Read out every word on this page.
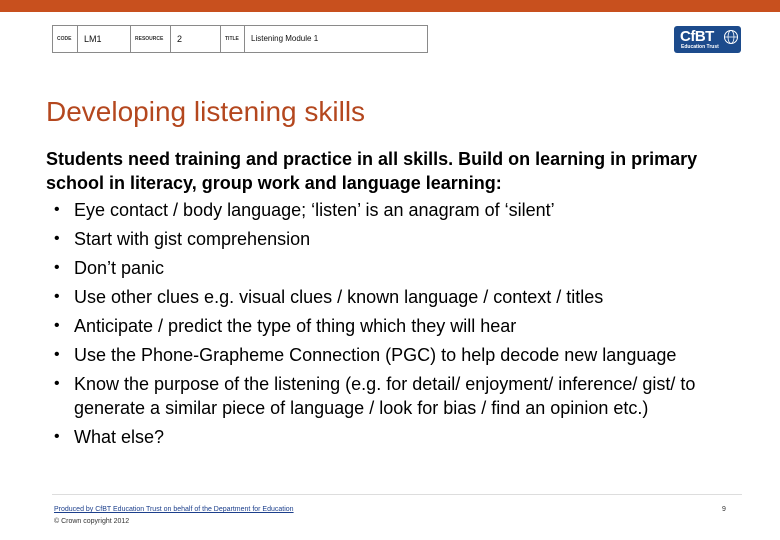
CODE	LM1	RESOURCE	2	TITLE	Listening Module 1	CfBT
Education Trust
Developing listening skills

Students need training and practice in all skills. Build on learning in primary school in literacy, group work and language learning:

• Eye contact / body language; ‘listen’ is an anagram of ‘silent’
• Start with gist comprehension
• Don’t panic
• Use other clues e.g. visual clues / known language / context / titles
• Anticipate / predict the type of thing which they will hear
• Use the Phone-Grapheme Connection (PGC) to help decode new language
• Know the purpose of the listening (e.g. for detail/ enjoyment/ inference/ gist/ to generate a similar piece of language / look for bias / find an opinion etc.)
• What else?
Produced by CfBT Education Trust on behalf of the Department for Education
© Crown copyright 2012
9
